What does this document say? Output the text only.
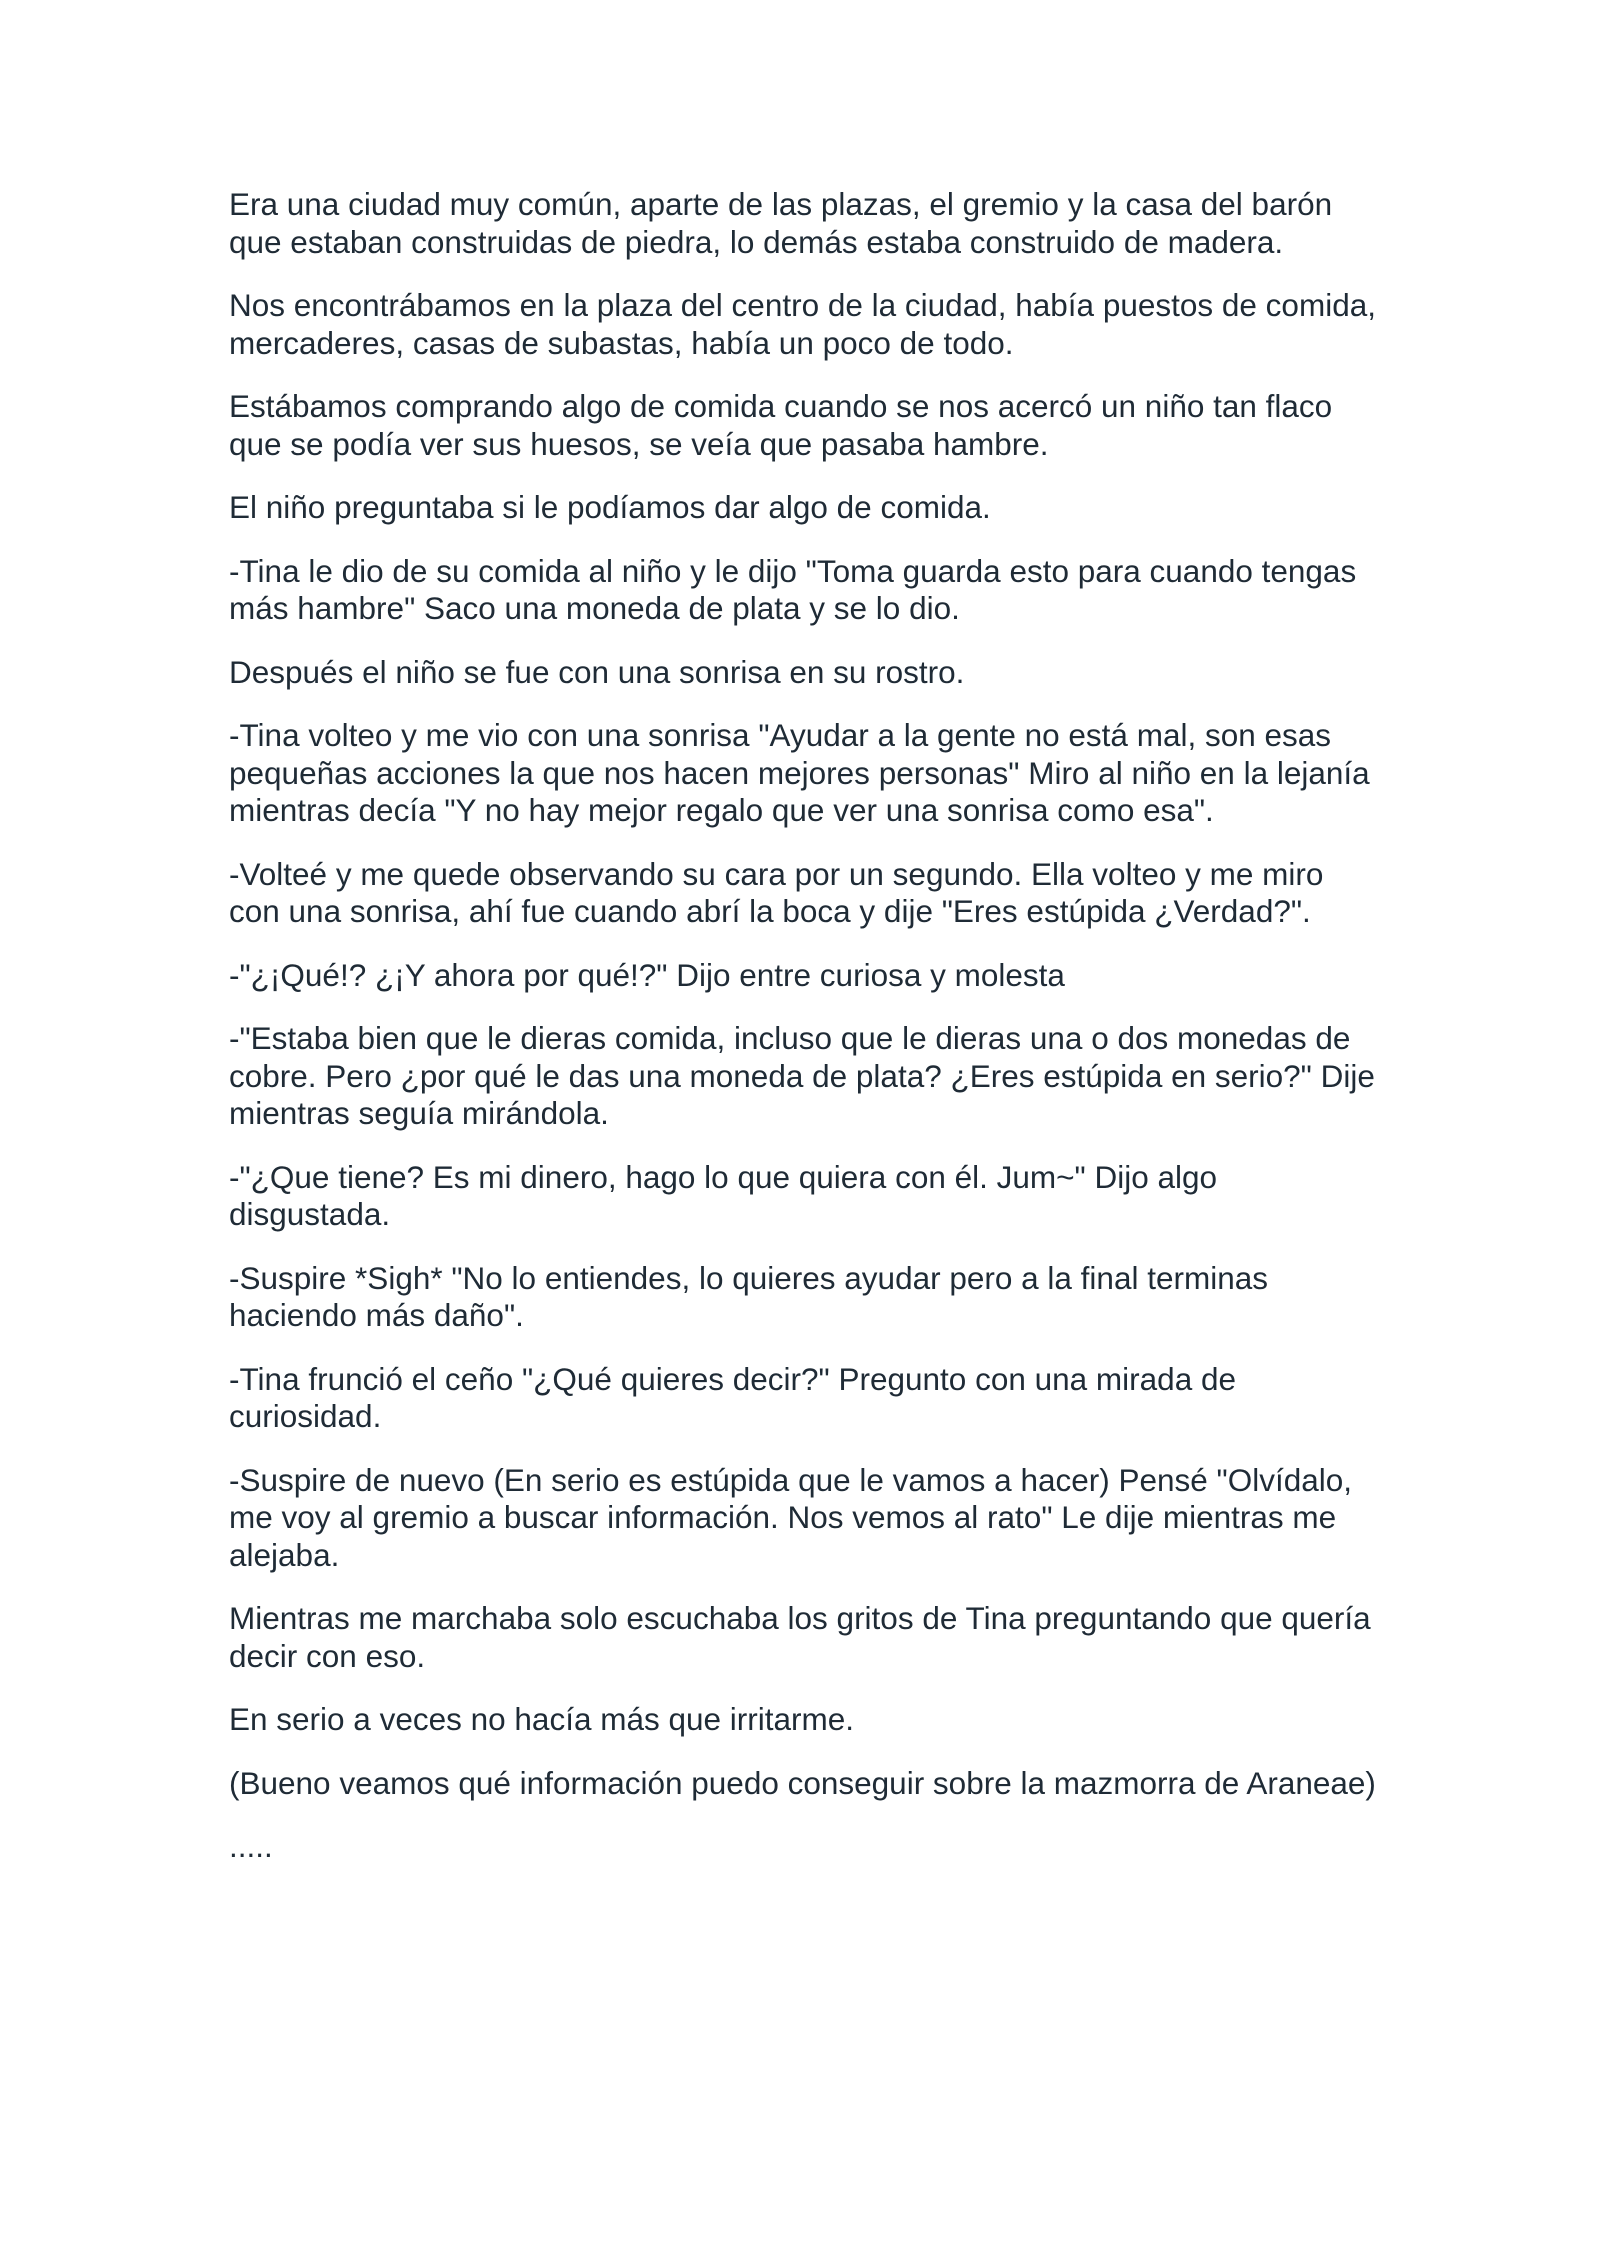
Era una ciudad muy común, aparte de las plazas, el gremio y la casa del barón que estaban construidas de piedra, lo demás estaba construido de madera.

Nos encontrábamos en la plaza del centro de la ciudad, había puestos de comida, mercaderes, casas de subastas, había un poco de todo.

Estábamos comprando algo de comida cuando se nos acercó un niño tan flaco que se podía ver sus huesos, se veía que pasaba hambre.

El niño preguntaba si le podíamos dar algo de comida.

-Tina le dio de su comida al niño y le dijo "Toma guarda esto para cuando tengas más hambre" Saco una moneda de plata y se lo dio.

Después el niño se fue con una sonrisa en su rostro.

-Tina volteo y me vio con una sonrisa "Ayudar a la gente no está mal, son esas pequeñas acciones la que nos hacen mejores personas" Miro al niño en la lejanía mientras decía "Y no hay mejor regalo que ver una sonrisa como esa".

-Volteé y me quede observando su cara por un segundo. Ella volteo y me miro con una sonrisa, ahí fue cuando abrí la boca y dije "Eres estúpida ¿Verdad?".

-"¿¡Qué!? ¿¡Y ahora por qué!?" Dijo entre curiosa y molesta

-"Estaba bien que le dieras comida, incluso que le dieras una o dos monedas de cobre. Pero ¿por qué le das una moneda de plata? ¿Eres estúpida en serio?" Dije mientras seguía mirándola.

-"¿Que tiene? Es mi dinero, hago lo que quiera con él. Jum~" Dijo algo disgustada.

-Suspire *Sigh* "No lo entiendes, lo quieres ayudar pero a la final terminas haciendo más daño".

-Tina frunció el ceño "¿Qué quieres decir?" Pregunto con una mirada de curiosidad.

-Suspire de nuevo (En serio es estúpida que le vamos a hacer) Pensé "Olvídalo, me voy al gremio a buscar información. Nos vemos al rato" Le dije mientras me alejaba.

Mientras me marchaba solo escuchaba los gritos de Tina preguntando que quería decir con eso.

En serio a veces no hacía más que irritarme.

(Bueno veamos qué información puedo conseguir sobre la mazmorra de Araneae)

.....
